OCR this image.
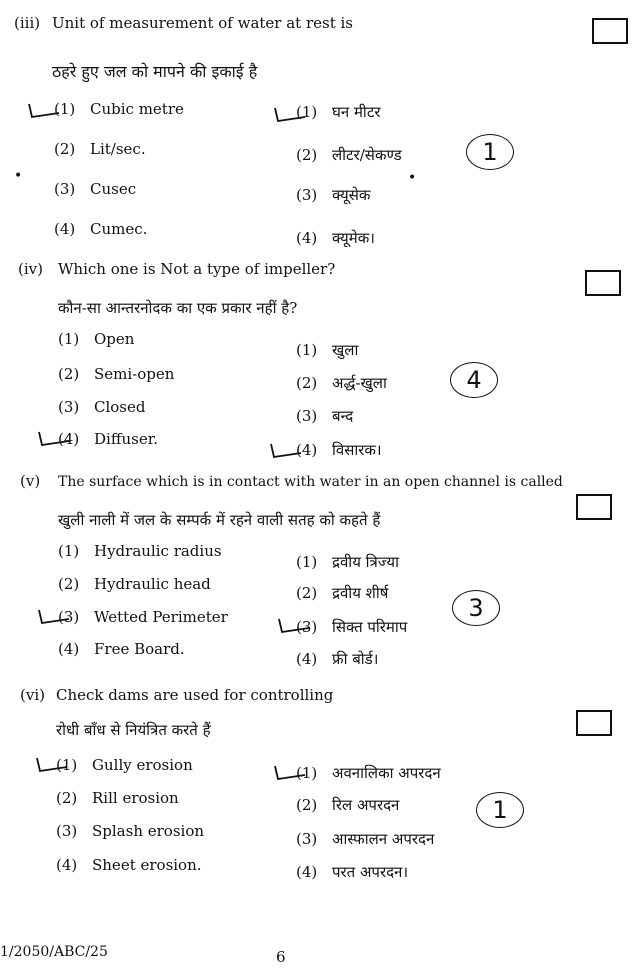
(iii) Unit of measurement of water at rest is
ठहरे हुए जल को मापने की इकाई है
(1) Cubic metre
(2) Lit/sec.
(3) Cusec
(4) Cumec.
(1) घन मीटर
(2) लीटर/सेकण्ड
(3) क्यूसेक
(4) क्यूमेक।
1
•	•
(iv) Which one is Not a type of impeller?
कौन-सा आन्तरनोदक का एक प्रकार नहीं है?
(1) Open
(2) Semi-open
(3) Closed
(4) Diffuser.
(1) खुला
(2) अर्द्ध-खुला
(3) बन्द
(4) विसारक।
4
(v) The surface which is in contact with water in an open channel is called
खुली नाली में जल के सम्पर्क में रहने वाली सतह को कहते हैं
(1) Hydraulic radius
(2) Hydraulic head
(3) Wetted Perimeter
(4) Free Board.
(1) द्रवीय त्रिज्या
(2) द्रवीय शीर्ष
(3) सिक्त परिमाप
(4) फ्री बोर्ड।
3
(vi) Check dams are used for controlling
रोधी बाँध से नियंत्रित करते हैं
(1) Gully erosion
(2) Rill erosion
(3) Splash erosion
(4) Sheet erosion.
(1) अवनालिका अपरदन
(2) रिल अपरदन
(3) आस्फालन अपरदन
(4) परत अपरदन।
1
1/2050/ABC/25	6
